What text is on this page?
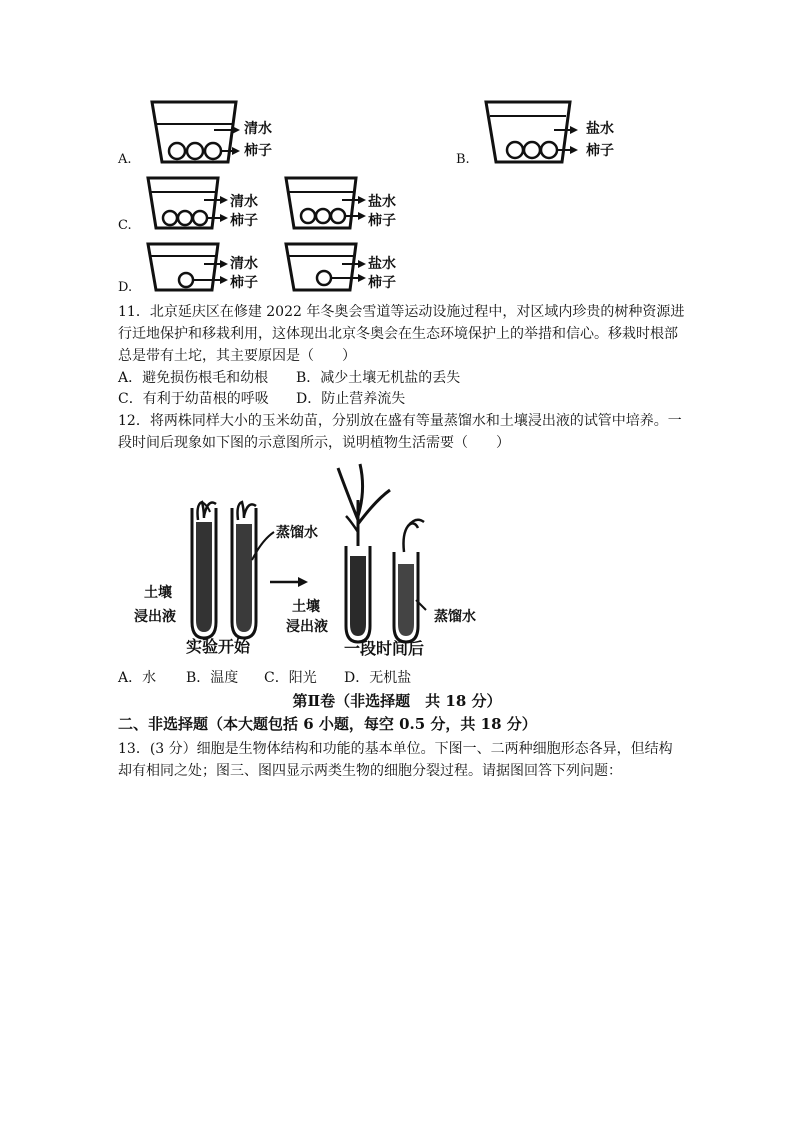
A.
清水
柿子
B.
盐水
柿子
C.
清水
柿子
盐水
柿子
D.
清水
柿子
盐水
柿子
11．北京延庆区在修建 2022 年冬奥会雪道等运动设施过程中，对区域内珍贵的树种资源进
行迁地保护和移栽利用，这体现出北京冬奥会在生态环境保护上的举措和信心。移栽时根部
总是带有土坨，其主要原因是（　　）
A．避免损伤根毛和幼根 B．减少土壤无机盐的丢失
C．有利于幼苗根的呼吸 D．防止营养流失
12．将两株同样大小的玉米幼苗，分别放在盛有等量蒸馏水和土壤浸出液的试管中培养。一
段时间后现象如下图的示意图所示，说明植物生活需要（　　）
土壤
浸出液
蒸馏水
实验开始
土壤
浸出液
一段时间后
蒸馏水
A．水 B．温度 C．阳光 D．无机盐
第Ⅱ卷（非选择题　共 18 分）
二、非选择题（本大题包括 6 小题，每空 0.5 分，共 18 分）
13．(3 分）细胞是生物体结构和功能的基本单位。下图一、二两种细胞形态各异，但结构
却有相同之处；图三、图四显示两类生物的细胞分裂过程。请据图回答下列问题：
